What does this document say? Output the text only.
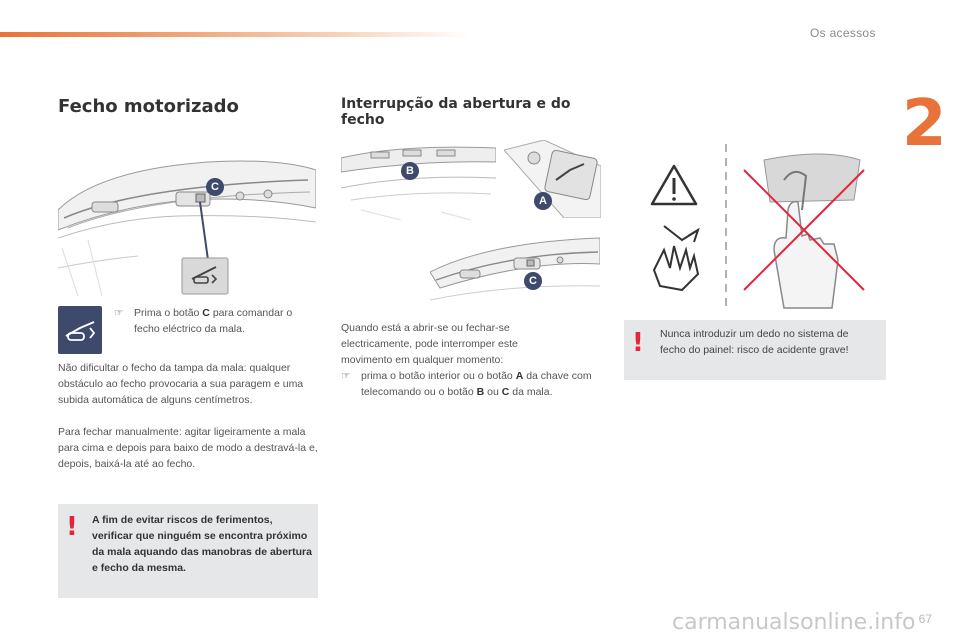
Os acessos
2
Fecho motorizado	Interrupção da abertura e do fecho
C
☞ Prima o botão C para comandar o fecho eléctrico da mala.
Não dificultar o fecho da tampa da mala: qualquer obstáculo ao fecho provocaria a sua paragem e uma subida automática de alguns centímetros.
Para fechar manualmente: agitar ligeiramente a mala para cima e depois para baixo de modo a destravá-la e, depois, baixá-la até ao fecho.
! A fim de evitar riscos de ferimentos, verificar que ninguém se encontra próximo da mala aquando das manobras de abertura e fecho da mesma.
B
A
C
Quando está a abrir-se ou fechar-se electricamente, pode interromper este movimento em qualquer momento:
☞ prima o botão interior ou o botão A da chave com telecomando ou o botão B ou C da mala.
! Nunca introduzir um dedo no sistema de fecho do painel: risco de acidente grave!
carmanualsonline.info 67
